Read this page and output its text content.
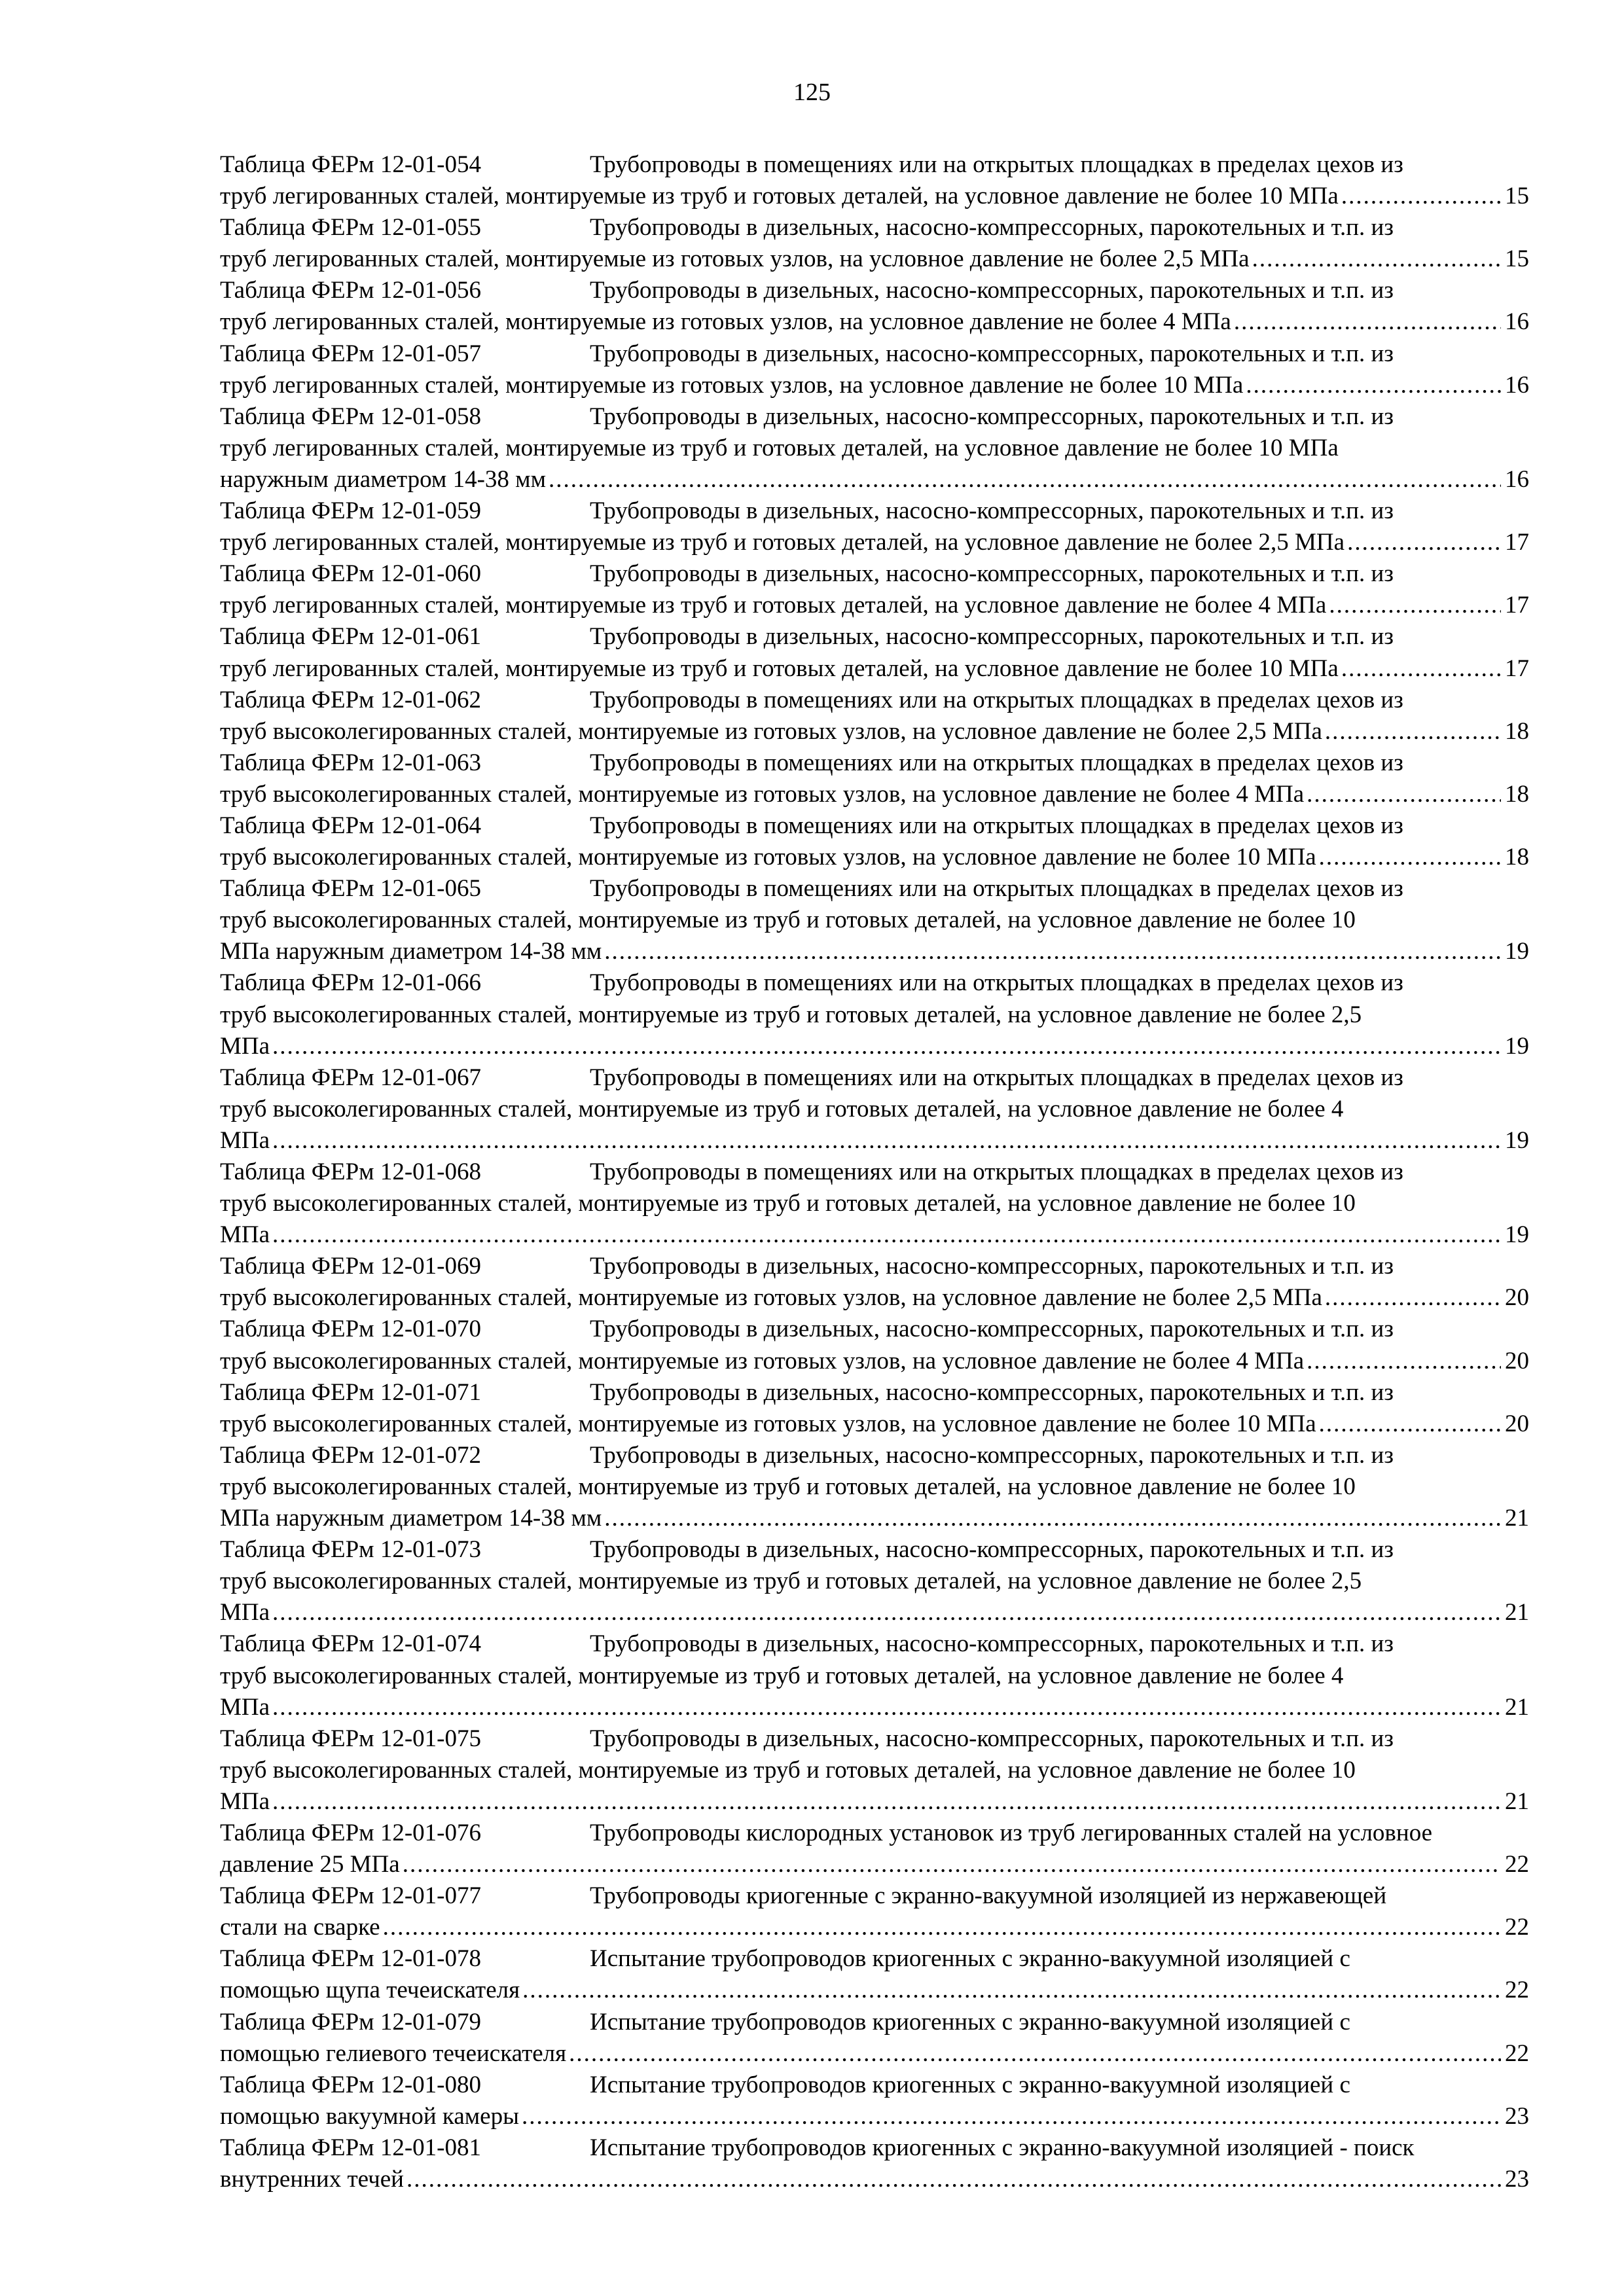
125
Таблица ФЕРм 12-01-054	Трубопроводы в помещениях или на открытых площадках в пределах цехов из
труб легированных сталей, монтируемые из труб и готовых деталей, на условное давление не более 10 МПа .....	15
Таблица ФЕРм 12-01-055	Трубопроводы в дизельных, насосно-компрессорных, парокотельных и т.п. из
труб легированных сталей, монтируемые из готовых узлов, на условное давление не более 2,5 МПа .....	15
Таблица ФЕРм 12-01-056	Трубопроводы в дизельных, насосно-компрессорных, парокотельных и т.п. из
труб легированных сталей, монтируемые из готовых узлов, на условное давление не более 4 МПа .....	16
Таблица ФЕРм 12-01-057	Трубопроводы в дизельных, насосно-компрессорных, парокотельных и т.п. из
труб легированных сталей, монтируемые из готовых узлов, на условное давление не более 10 МПа .....	16
Таблица ФЕРм 12-01-058	Трубопроводы в дизельных, насосно-компрессорных, парокотельных и т.п. из
труб легированных сталей, монтируемые из труб и готовых деталей, на условное давление не более 10 МПа
наружным диаметром 14-38 мм .....	16
Таблица ФЕРм 12-01-059	Трубопроводы в дизельных, насосно-компрессорных, парокотельных и т.п. из
труб легированных сталей, монтируемые из труб и готовых деталей, на условное давление не более 2,5 МПа .....	17
Таблица ФЕРм 12-01-060	Трубопроводы в дизельных, насосно-компрессорных, парокотельных и т.п. из
труб легированных сталей, монтируемые из труб и готовых деталей, на условное давление не более 4 МПа .....	17
Таблица ФЕРм 12-01-061	Трубопроводы в дизельных, насосно-компрессорных, парокотельных и т.п. из
труб легированных сталей, монтируемые из труб и готовых деталей, на условное давление не более 10 МПа .....	17
Таблица ФЕРм 12-01-062	Трубопроводы в помещениях или на открытых площадках в пределах цехов из
труб высоколегированных сталей, монтируемые из готовых узлов, на условное давление не более 2,5 МПа .....	18
Таблица ФЕРм 12-01-063	Трубопроводы в помещениях или на открытых площадках в пределах цехов из
труб высоколегированных сталей, монтируемые из готовых узлов, на условное давление не более 4 МПа .....	18
Таблица ФЕРм 12-01-064	Трубопроводы в помещениях или на открытых площадках в пределах цехов из
труб высоколегированных сталей, монтируемые из готовых узлов, на условное давление не более 10 МПа .....	18
Таблица ФЕРм 12-01-065	Трубопроводы в помещениях или на открытых площадках в пределах цехов из
труб высоколегированных сталей, монтируемые из труб и готовых деталей, на условное давление не более 10
МПа наружным диаметром 14-38 мм .....	19
Таблица ФЕРм 12-01-066	Трубопроводы в помещениях или на открытых площадках в пределах цехов из
труб высоколегированных сталей, монтируемые из труб и готовых деталей, на условное давление не более 2,5
МПа .....	19
Таблица ФЕРм 12-01-067	Трубопроводы в помещениях или на открытых площадках в пределах цехов из
труб высоколегированных сталей, монтируемые из труб и готовых деталей, на условное давление не более 4
МПа .....	19
Таблица ФЕРм 12-01-068	Трубопроводы в помещениях или на открытых площадках в пределах цехов из
труб высоколегированных сталей, монтируемые из труб и готовых деталей, на условное давление не более 10
МПа .....	19
Таблица ФЕРм 12-01-069	Трубопроводы в дизельных, насосно-компрессорных, парокотельных и т.п. из
труб высоколегированных сталей, монтируемые из готовых узлов, на условное давление не более 2,5 МПа .....	20
Таблица ФЕРм 12-01-070	Трубопроводы в дизельных, насосно-компрессорных, парокотельных и т.п. из
труб высоколегированных сталей, монтируемые из готовых узлов, на условное давление не более 4 МПа .....	20
Таблица ФЕРм 12-01-071	Трубопроводы в дизельных, насосно-компрессорных, парокотельных и т.п. из
труб высоколегированных сталей, монтируемые из готовых узлов, на условное давление не более 10 МПа .....	20
Таблица ФЕРм 12-01-072	Трубопроводы в дизельных, насосно-компрессорных, парокотельных и т.п. из
труб высоколегированных сталей, монтируемые из труб и готовых деталей, на условное давление не более 10
МПа наружным диаметром 14-38 мм .....	21
Таблица ФЕРм 12-01-073	Трубопроводы в дизельных, насосно-компрессорных, парокотельных и т.п. из
труб высоколегированных сталей, монтируемые из труб и готовых деталей, на условное давление не более 2,5
МПа .....	21
Таблица ФЕРм 12-01-074	Трубопроводы в дизельных, насосно-компрессорных, парокотельных и т.п. из
труб высоколегированных сталей, монтируемые из труб и готовых деталей, на условное давление не более 4
МПа .....	21
Таблица ФЕРм 12-01-075	Трубопроводы в дизельных, насосно-компрессорных, парокотельных и т.п. из
труб высоколегированных сталей, монтируемые из труб и готовых деталей, на условное давление не более 10
МПа .....	21
Таблица ФЕРм 12-01-076	Трубопроводы кислородных установок из труб легированных сталей на условное
давление 25 МПа .....	22
Таблица ФЕРм 12-01-077	Трубопроводы криогенные с экранно-вакуумной изоляцией из нержавеющей
стали на сварке .....	22
Таблица ФЕРм 12-01-078	Испытание трубопроводов криогенных с экранно-вакуумной изоляцией с
помощью щупа течеискателя .....	22
Таблица ФЕРм 12-01-079	Испытание трубопроводов криогенных с экранно-вакуумной изоляцией с
помощью гелиевого течеискателя .....	22
Таблица ФЕРм 12-01-080	Испытание трубопроводов криогенных с экранно-вакуумной изоляцией с
помощью вакуумной камеры .....	23
Таблица ФЕРм 12-01-081	Испытание трубопроводов криогенных с экранно-вакуумной изоляцией - поиск
внутренних течей .....	23
